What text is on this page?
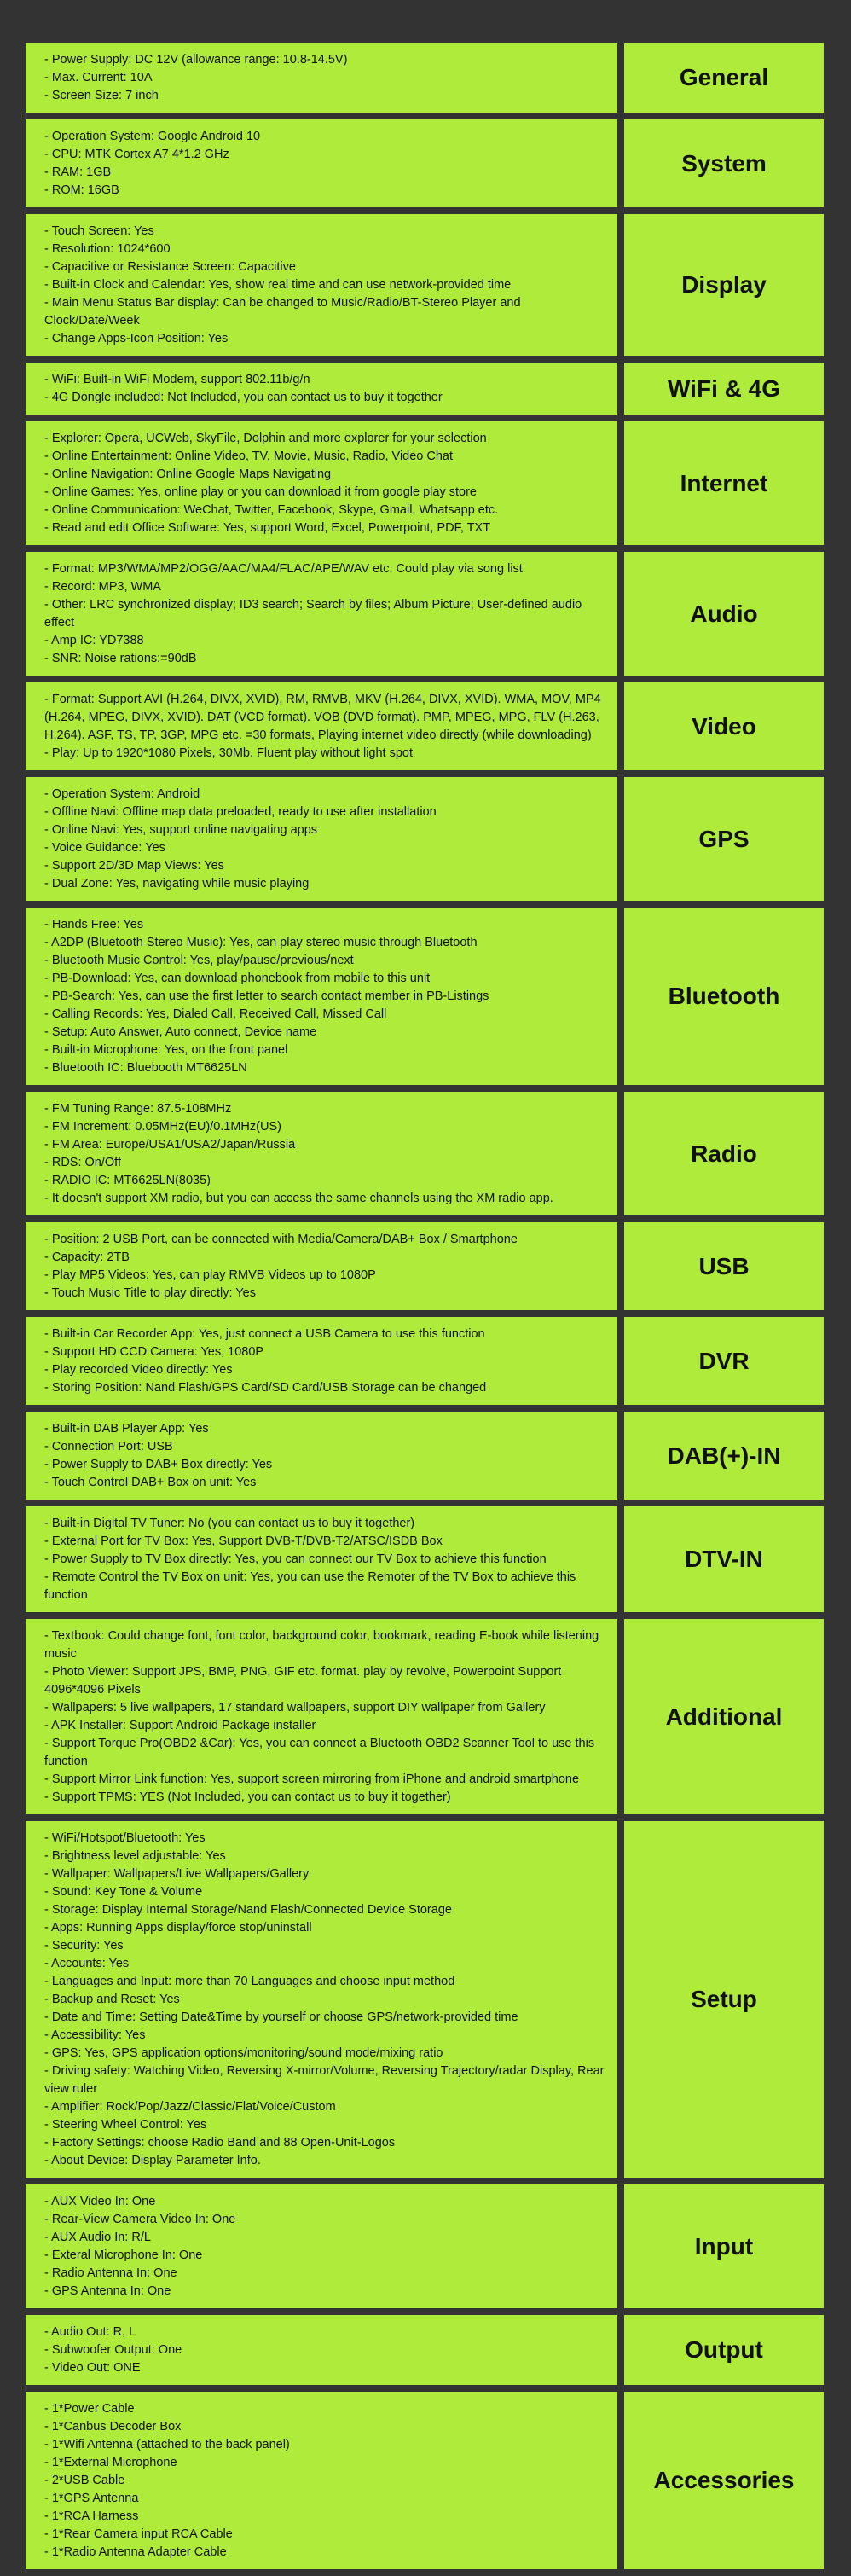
- Power Supply: DC 12V (allowance range: 10.8-14.5V)
- Max. Current: 10A
- Screen Size: 7 inch
General
- Operation System: Google Android 10
- CPU: MTK Cortex A7 4*1.2 GHz
- RAM: 1GB
- ROM: 16GB
System
- Touch Screen: Yes
- Resolution: 1024*600
- Capacitive or Resistance Screen: Capacitive
- Built-in Clock and Calendar: Yes, show real time and can use network-provided time
- Main Menu Status Bar display: Can be changed to Music/Radio/BT-Stereo Player and Clock/Date/Week
- Change Apps-Icon Position: Yes
Display
- WiFi: Built-in WiFi Modem, support 802.11b/g/n
- 4G Dongle included: Not Included, you can contact us to buy it together	WiFi & 4G
- Explorer: Opera, UCWeb, SkyFile, Dolphin and more explorer for your selection
- Online Entertainment: Online Video, TV, Movie, Music, Radio, Video Chat
- Online Navigation: Online Google Maps Navigating
- Online Games: Yes, online play or you can download it from google play store
- Online Communication: WeChat, Twitter, Facebook, Skype, Gmail, Whatsapp etc.
- Read and edit Office Software: Yes, support Word, Excel, Powerpoint, PDF, TXT
Internet
- Format: MP3/WMA/MP2/OGG/AAC/MA4/FLAC/APE/WAV etc. Could play via song list
- Record: MP3, WMA
- Other: LRC synchronized display; ID3 search; Search by files; Album Picture; User-defined audio effect
- Amp IC: YD7388
- SNR: Noise rations:=90dB
Audio
- Format: Support AVI (H.264, DIVX, XVID), RM, RMVB, MKV (H.264, DIVX, XVID). WMA, MOV, MP4 (H.264, MPEG, DIVX, XVID). DAT (VCD format). VOB (DVD format). PMP, MPEG, MPG, FLV (H.263, H.264). ASF, TS, TP, 3GP, MPG etc. =30 formats, Playing internet video directly (while downloading)
- Play: Up to 1920*1080 Pixels, 30Mb. Fluent play without light spot
Video
- Operation System: Android
- Offline Navi: Offline map data preloaded, ready to use after installation
- Online Navi: Yes, support online navigating apps
- Voice Guidance: Yes
- Support 2D/3D Map Views: Yes
- Dual Zone: Yes, navigating while music playing
GPS
- Hands Free: Yes
- A2DP (Bluetooth Stereo Music): Yes, can play stereo music through Bluetooth
- Bluetooth Music Control: Yes, play/pause/previous/next
- PB-Download: Yes, can download phonebook from mobile to this unit
- PB-Search: Yes, can use the first letter to search contact member in PB-Listings
- Calling Records: Yes, Dialed Call, Received Call, Missed Call
- Setup: Auto Answer, Auto connect, Device name
- Built-in Microphone: Yes, on the front panel
- Bluetooth IC: Bluebooth MT6625LN
Bluetooth
- FM Tuning Range: 87.5-108MHz
- FM Increment: 0.05MHz(EU)/0.1MHz(US)
- FM Area: Europe/USA1/USA2/Japan/Russia
- RDS: On/Off
- RADIO IC: MT6625LN(8035)
- It doesn't support XM radio, but you can access the same channels using the XM radio app.
Radio
- Position: 2 USB Port, can be connected with Media/Camera/DAB+ Box / Smartphone
- Capacity: 2TB
- Play MP5 Videos: Yes, can play RMVB Videos up to 1080P
- Touch Music Title to play directly: Yes
USB
- Built-in Car Recorder App: Yes, just connect a USB Camera to use this function
- Support HD CCD Camera: Yes, 1080P
- Play recorded Video directly: Yes
- Storing Position: Nand Flash/GPS Card/SD Card/USB Storage can be changed
DVR
- Built-in DAB Player App: Yes
- Connection Port: USB
- Power Supply to DAB+ Box directly: Yes
- Touch Control DAB+ Box on unit: Yes
DAB(+)-IN
- Built-in Digital TV Tuner: No (you can contact us to buy it together)
- External Port for TV Box: Yes, Support DVB-T/DVB-T2/ATSC/ISDB Box
- Power Supply to TV Box directly: Yes, you can connect our TV Box to achieve this function
- Remote Control the TV Box on unit: Yes, you can use the Remoter of the TV Box to achieve this function
DTV-IN
- Textbook: Could change font, font color, background color, bookmark, reading E-book while listening music
- Photo Viewer: Support JPS, BMP, PNG, GIF etc. format. play by revolve, Powerpoint Support 4096*4096 Pixels
- Wallpapers: 5 live wallpapers, 17 standard wallpapers, support DIY wallpaper from Gallery
- APK Installer: Support Android Package installer
- Support Torque Pro(OBD2 &Car): Yes, you can connect a Bluetooth OBD2 Scanner Tool to use this function
- Support Mirror Link function: Yes, support screen mirroring from iPhone and android smartphone
- Support TPMS: YES (Not Included, you can contact us to buy it together)
Additional
- WiFi/Hotspot/Bluetooth: Yes
- Brightness level adjustable: Yes
- Wallpaper: Wallpapers/Live Wallpapers/Gallery
- Sound: Key Tone & Volume
- Storage: Display Internal Storage/Nand Flash/Connected Device Storage
- Apps: Running Apps display/force stop/uninstall
- Security: Yes
- Accounts: Yes
- Languages and Input: more than 70 Languages and choose input method
- Backup and Reset: Yes
- Date and Time: Setting Date&Time by yourself or choose GPS/network-provided time
- Accessibility: Yes
- GPS: Yes, GPS application options/monitoring/sound mode/mixing ratio
- Driving safety: Watching Video, Reversing X-mirror/Volume, Reversing Trajectory/radar Display, Rear view ruler
- Amplifier: Rock/Pop/Jazz/Classic/Flat/Voice/Custom
- Steering Wheel Control: Yes
- Factory Settings: choose Radio Band and 88 Open-Unit-Logos
- About Device: Display Parameter Info.
Setup
- AUX Video In: One
- Rear-View Camera Video In: One
- AUX Audio In: R/L
- Exteral Microphone In: One
- Radio Antenna In: One
- GPS Antenna In: One
Input
- Audio Out: R, L
- Subwoofer Output: One
- Video Out: ONE
Output
- 1*Power Cable
- 1*Canbus Decoder Box
- 1*Wifi Antenna (attached to the back panel)
- 1*External Microphone
- 2*USB Cable
- 1*GPS Antenna
- 1*RCA Harness
- 1*Rear Camera input RCA Cable
- 1*Radio Antenna Adapter Cable
Accessories
